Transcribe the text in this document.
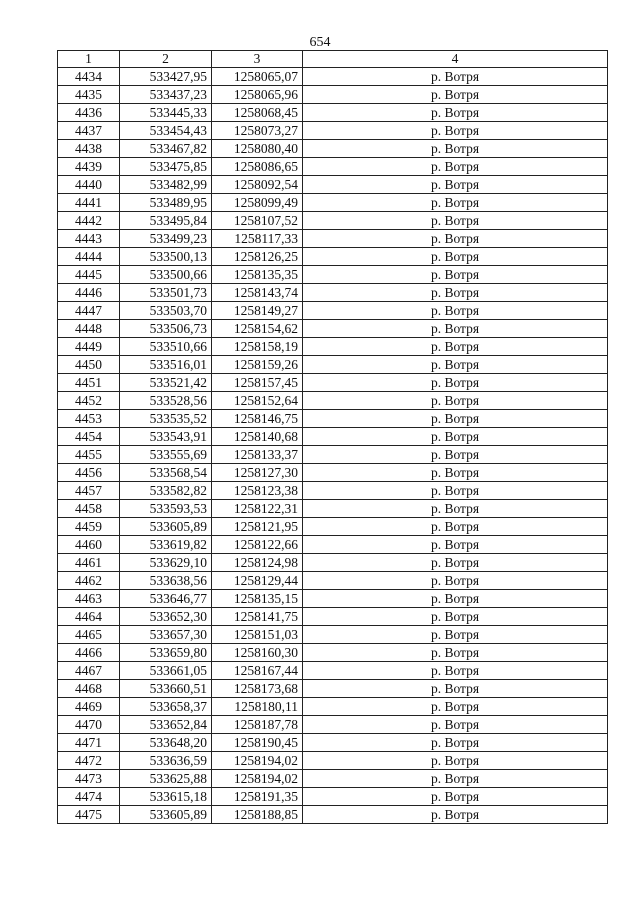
654
1	2	3	4
4434	533427,95	1258065,07	р. Вотря
4435	533437,23	1258065,96	р. Вотря
4436	533445,33	1258068,45	р. Вотря
4437	533454,43	1258073,27	р. Вотря
4438	533467,82	1258080,40	р. Вотря
4439	533475,85	1258086,65	р. Вотря
4440	533482,99	1258092,54	р. Вотря
4441	533489,95	1258099,49	р. Вотря
4442	533495,84	1258107,52	р. Вотря
4443	533499,23	1258117,33	р. Вотря
4444	533500,13	1258126,25	р. Вотря
4445	533500,66	1258135,35	р. Вотря
4446	533501,73	1258143,74	р. Вотря
4447	533503,70	1258149,27	р. Вотря
4448	533506,73	1258154,62	р. Вотря
4449	533510,66	1258158,19	р. Вотря
4450	533516,01	1258159,26	р. Вотря
4451	533521,42	1258157,45	р. Вотря
4452	533528,56	1258152,64	р. Вотря
4453	533535,52	1258146,75	р. Вотря
4454	533543,91	1258140,68	р. Вотря
4455	533555,69	1258133,37	р. Вотря
4456	533568,54	1258127,30	р. Вотря
4457	533582,82	1258123,38	р. Вотря
4458	533593,53	1258122,31	р. Вотря
4459	533605,89	1258121,95	р. Вотря
4460	533619,82	1258122,66	р. Вотря
4461	533629,10	1258124,98	р. Вотря
4462	533638,56	1258129,44	р. Вотря
4463	533646,77	1258135,15	р. Вотря
4464	533652,30	1258141,75	р. Вотря
4465	533657,30	1258151,03	р. Вотря
4466	533659,80	1258160,30	р. Вотря
4467	533661,05	1258167,44	р. Вотря
4468	533660,51	1258173,68	р. Вотря
4469	533658,37	1258180,11	р. Вотря
4470	533652,84	1258187,78	р. Вотря
4471	533648,20	1258190,45	р. Вотря
4472	533636,59	1258194,02	р. Вотря
4473	533625,88	1258194,02	р. Вотря
4474	533615,18	1258191,35	р. Вотря
4475	533605,89	1258188,85	р. Вотря
